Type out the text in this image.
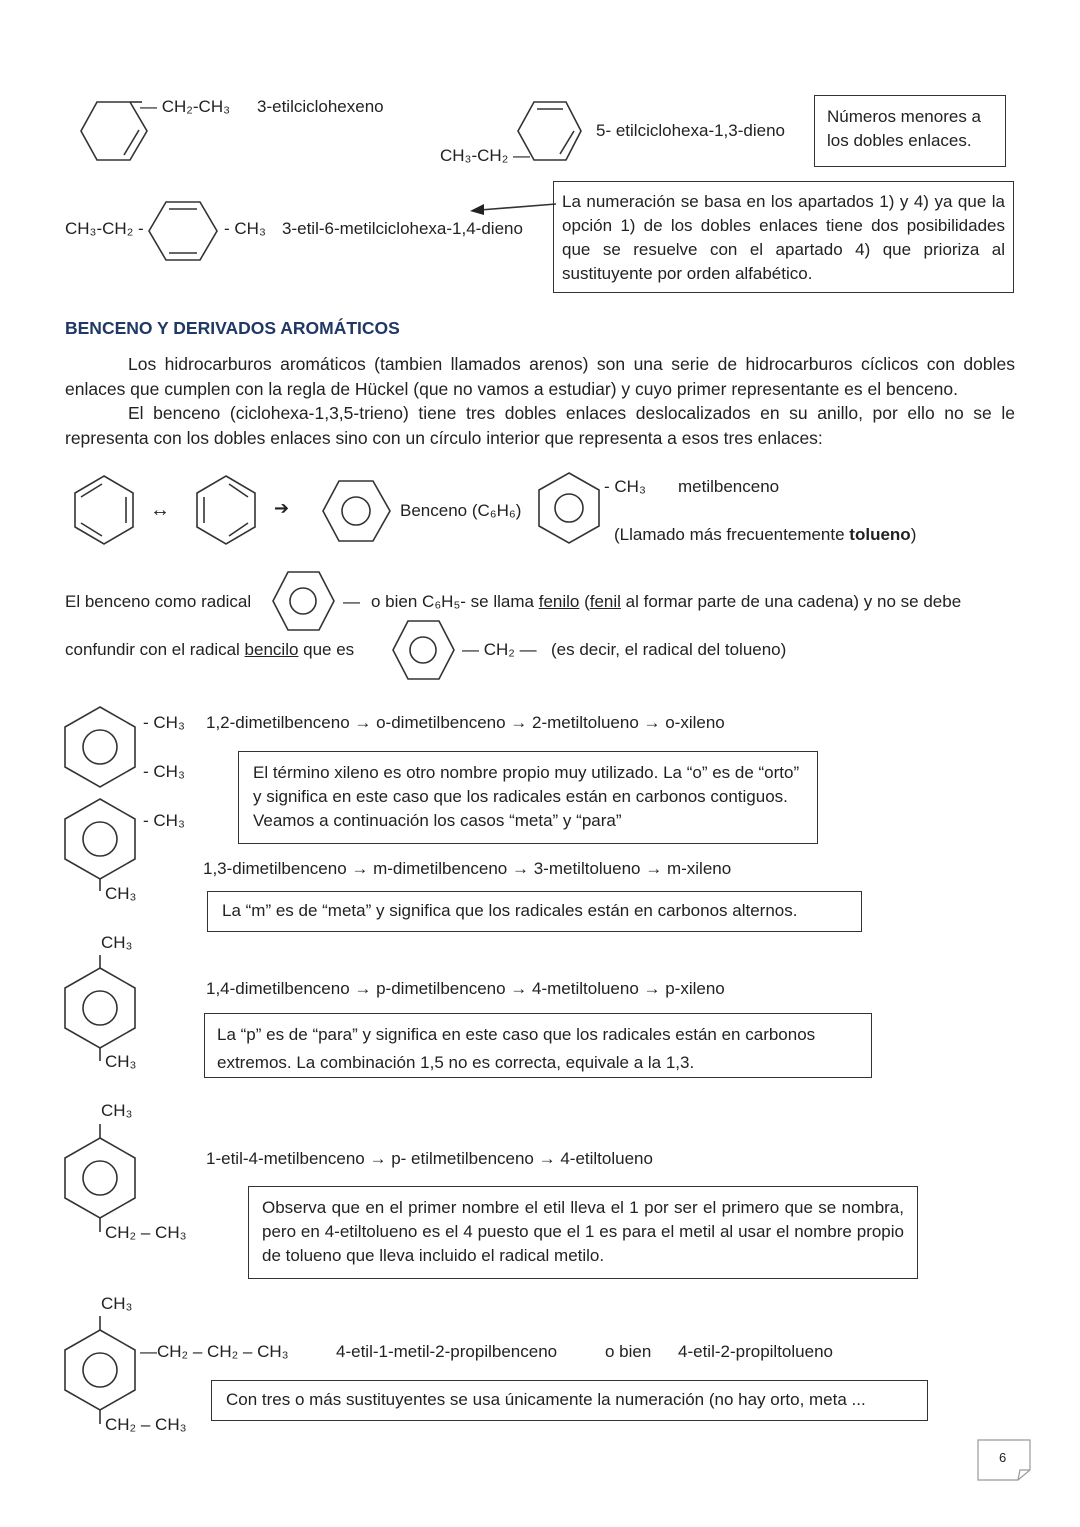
— CH₂-CH₃ 3-etilciclohexeno
CH₃-CH₂ —
5- etilciclohexa-1,3-dieno
Números menores a los dobles enlaces.
CH₃-CH₂ -	- CH₃ 3-etil-6-metilciclohexa-1,4-dieno
La numeración se basa en los apartados 1) y 4) ya que la opción 1) de los dobles enlaces tiene dos posibilidades que se resuelve con el apartado 4) que prioriza al sustituyente por orden alfabético.
BENCENO Y DERIVADOS AROMÁTICOS
Los hidrocarburos aromáticos (tambien llamados arenos) son una serie de hidrocarburos cíclicos con dobles enlaces que cumplen con la regla de Hückel (que no vamos a estudiar) y cuyo primer representante es el benceno.
El benceno (ciclohexa-1,3,5-trieno) tiene tres dobles enlaces deslocalizados en su anillo, por ello no se le representa con los dobles enlaces sino con un círculo interior que representa a esos tres enlaces:
↔	➔	Benceno (C₆H₆)
- CH₃ metilbenceno
(Llamado más frecuentemente tolueno)
El benceno como radical	— o bien C₆H₅- se llama fenilo (fenil al formar parte de una cadena) y no se debe
confundir con el radical bencilo que es	— CH₂ — (es decir, el radical del tolueno)
- CH₃
- CH₃
1,2-dimetilbenceno → o-dimetilbenceno → 2-metiltolueno → o-xileno
El término xileno es otro nombre propio muy utilizado. La “o” es de “orto” y significa en este caso que los radicales están en carbonos contiguos. Veamos a continuación los casos “meta” y “para”
- CH₃
CH₃
1,3-dimetilbenceno → m-dimetilbenceno → 3-metiltolueno → m-xileno
La “m” es de “meta” y significa que los radicales están en carbonos alternos.
CH₃
CH₃
1,4-dimetilbenceno → p-dimetilbenceno → 4-metiltolueno → p-xileno
La “p” es de “para” y significa en este caso que los radicales están en carbonos extremos. La combinación 1,5 no es correcta, equivale a la 1,3.
CH₃
CH₂ – CH₃
1-etil-4-metilbenceno → p- etilmetilbenceno → 4-etiltolueno
Observa que en el primer nombre el etil lleva el 1 por ser el primero que se nombra, pero en 4-etiltolueno es el 4 puesto que el 1 es para el metil al usar el nombre propio de tolueno que lleva incluido el radical metilo.
CH₃
—CH₂ – CH₂ – CH₃
CH₂ – CH₃
4-etil-1-metil-2-propilbenceno	o bien 4-etil-2-propiltolueno
Con tres o más sustituyentes se usa únicamente la numeración (no hay orto, meta ...
6
